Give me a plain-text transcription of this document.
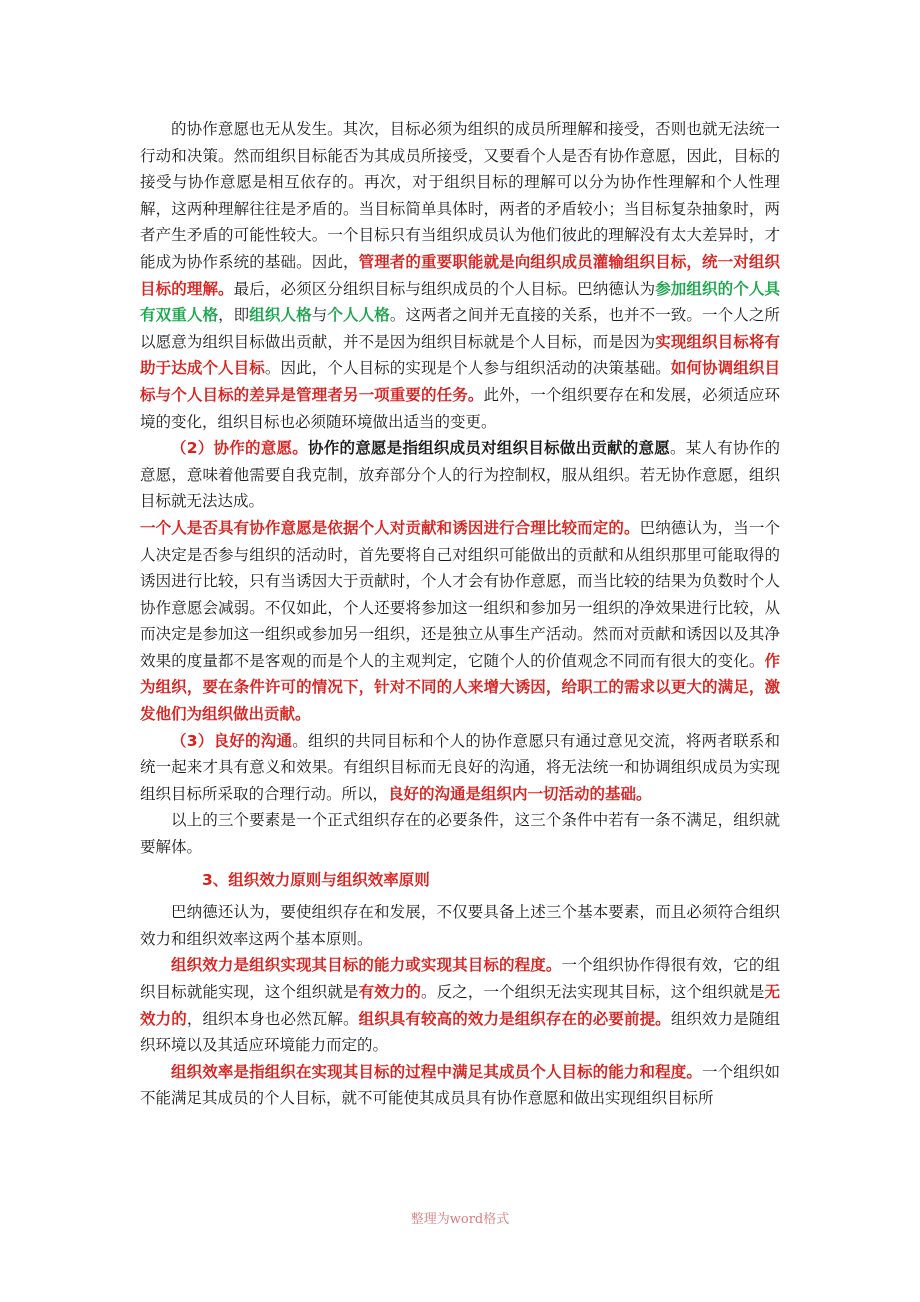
的协作意愿也无从发生。其次，目标必须为组织的成员所理解和接受，否则也就无法统一行动和决策。然而组织目标能否为其成员所接受，又要看个人是否有协作意愿，因此，目标的接受与协作意愿是相互依存的。再次，对于组织目标的理解可以分为协作性理解和个人性理解，这两种理解往往是矛盾的。当目标简单具体时，两者的矛盾较小；当目标复杂抽象时，两者产生矛盾的可能性较大。一个目标只有当组织成员认为他们彼此的理解没有太大差异时，才能成为协作系统的基础。因此，管理者的重要职能就是向组织成员灌输组织目标，统一对组织目标的理解。最后，必须区分组织目标与组织成员的个人目标。巴纳德认为参加组织的个人具有双重人格，即组织人格与个人人格。这两者之间并无直接的关系，也并不一致。一个人之所以愿意为组织目标做出贡献，并不是因为组织目标就是个人目标，而是因为实现组织目标将有助于达成个人目标。因此，个人目标的实现是个人参与组织活动的决策基础。如何协调组织目标与个人目标的差异是管理者另一项重要的任务。此外，一个组织要存在和发展，必须适应环境的变化，组织目标也必须随环境做出适当的变更。

（2）协作的意愿。协作的意愿是指组织成员对组织目标做出贡献的意愿。某人有协作的意愿，意味着他需要自我克制，放弃部分个人的行为控制权，服从组织。若无协作意愿，组织目标就无法达成。

一个人是否具有协作意愿是依据个人对贡献和诱因进行合理比较而定的。巴纳德认为，当一个人决定是否参与组织的活动时，首先要将自己对组织可能做出的贡献和从组织那里可能取得的诱因进行比较，只有当诱因大于贡献时，个人才会有协作意愿，而当比较的结果为负数时个人协作意愿会减弱。不仅如此，个人还要将参加这一组织和参加另一组织的净效果进行比较，从而决定是参加这一组织或参加另一组织，还是独立从事生产活动。然而对贡献和诱因以及其净效果的度量都不是客观的而是个人的主观判定，它随个人的价值观念不同而有很大的变化。作为组织，要在条件许可的情况下，针对不同的人来增大诱因，给职工的需求以更大的满足，激发他们为组织做出贡献。

（3）良好的沟通。组织的共同目标和个人的协作意愿只有通过意见交流，将两者联系和统一起来才具有意义和效果。有组织目标而无良好的沟通，将无法统一和协调组织成员为实现组织目标所采取的合理行动。所以，良好的沟通是组织内一切活动的基础。

以上的三个要素是一个正式组织存在的必要条件，这三个条件中若有一条不满足，组织就要解体。

3、组织效力原则与组织效率原则

巴纳德还认为，要使组织存在和发展，不仅要具备上述三个基本要素，而且必须符合组织效力和组织效率这两个基本原则。

组织效力是组织实现其目标的能力或实现其目标的程度。一个组织协作得很有效，它的组织目标就能实现，这个组织就是有效力的。反之，一个组织无法实现其目标，这个组织就是无效力的，组织本身也必然瓦解。组织具有较高的效力是组织存在的必要前提。组织效力是随组织环境以及其适应环境能力而定的。

组织效率是指组织在实现其目标的过程中满足其成员个人目标的能力和程度。一个组织如不能满足其成员的个人目标，就不可能使其成员具有协作意愿和做出实现组织目标所

整理为word格式
